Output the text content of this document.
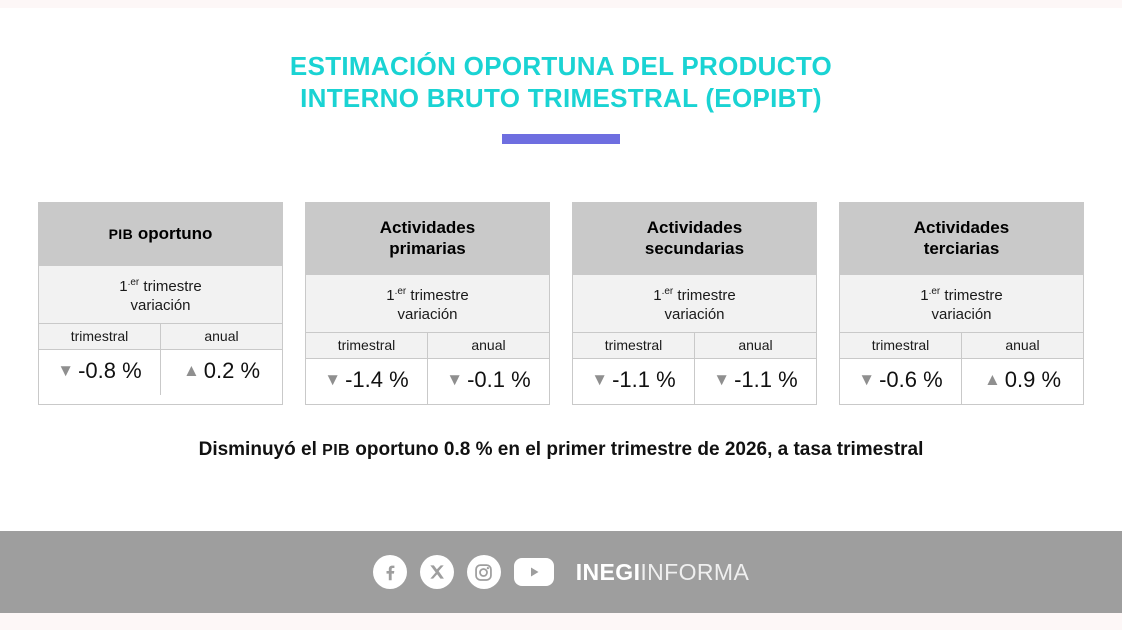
ESTIMACIÓN OPORTUNA DEL PRODUCTO
INTERNO BRUTO TRIMESTRAL (EOPIBT)
PIB oportuno
$1^{.er}$ trimestre
variación
trimestral	anual
▼ -0.8 %	▲ 0.2 %
Actividades
primarias
$1^{.er}$ trimestre
variación
trimestral	anual
▼ -1.4 %	▼ -0.1 %
Actividades
secundarias
$1^{.er}$ trimestre
variación
trimestral	anual
▼ -1.1 %	▼ -1.1 %
Actividades
terciarias
$1^{.er}$ trimestre
variación
trimestral	anual
▼ -0.6 %	▲ 0.9 %
Disminuyó el PIB oportuno 0.8 % en el primer trimestre de 2026, a tasa trimestral
INEGIINFORMA
